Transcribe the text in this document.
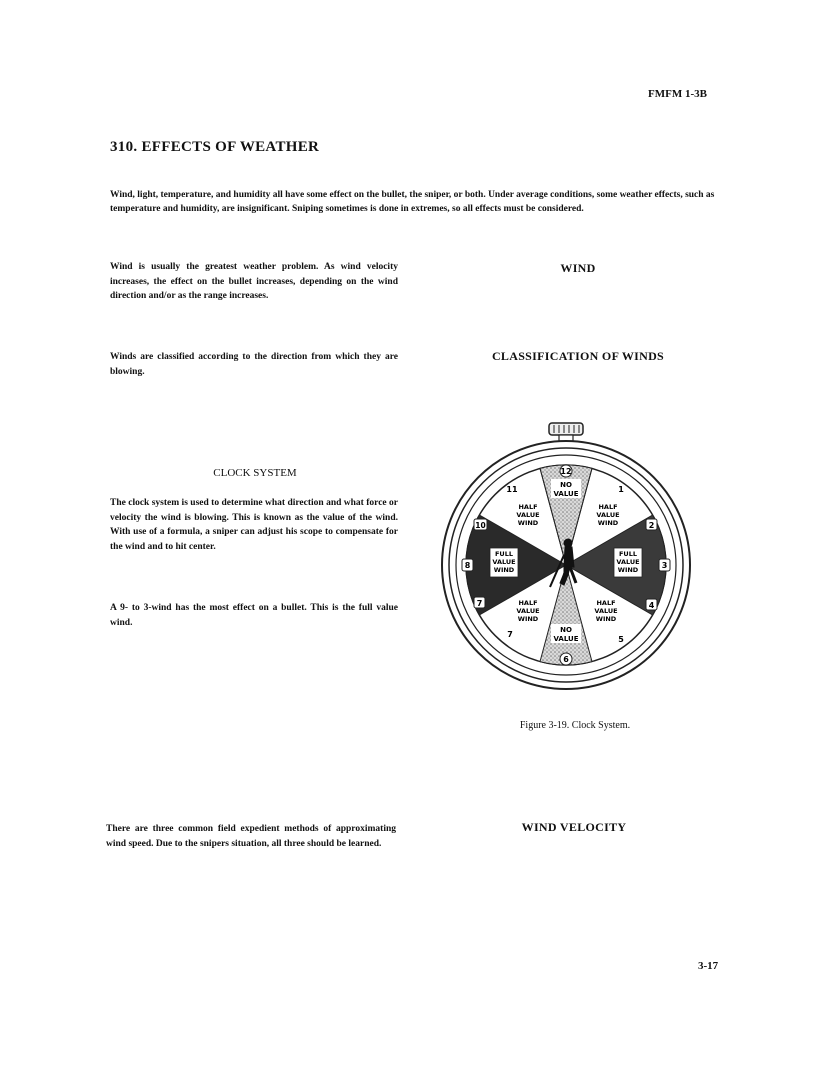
FMFM 1-3B
310. EFFECTS OF WEATHER
Wind, light, temperature, and humidity all have some effect on the bullet, the sniper, or both. Under average conditions, some weather effects, such as temperature and humidity, are insignificant. Sniping sometimes is done in extremes, so all effects must be considered.
Wind is usually the greatest weather problem. As wind velocity increases, the effect on the bullet increases, depending on the wind direction and/or as the range increases.
WIND
Winds are classified according to the direction from which they are blowing.
CLASSIFICATION OF WINDS
CLOCK SYSTEM
The clock system is used to determine what direction and what force or velocity the wind is blowing. This is known as the value of the wind. With use of a formula, a sniper can adjust his scope to compensate for the wind and to hit center.
A 9- to 3-wind has the most effect on a bullet. This is the full value wind.
12
1
2
3
4
5
6
7
7
8
10
11	NO
VALUE
NO
VALUE
HALF
VALUE
WIND
HALF
VALUE
WIND
HALF
VALUE
WIND
HALF
VALUE
WIND
FULL
VALUE
WIND
FULL
VALUE
WIND
Figure 3-19. Clock System.
There are three common field expedient methods of approximating wind speed. Due to the snipers situation, all three should be learned.
WIND VELOCITY
3-17
